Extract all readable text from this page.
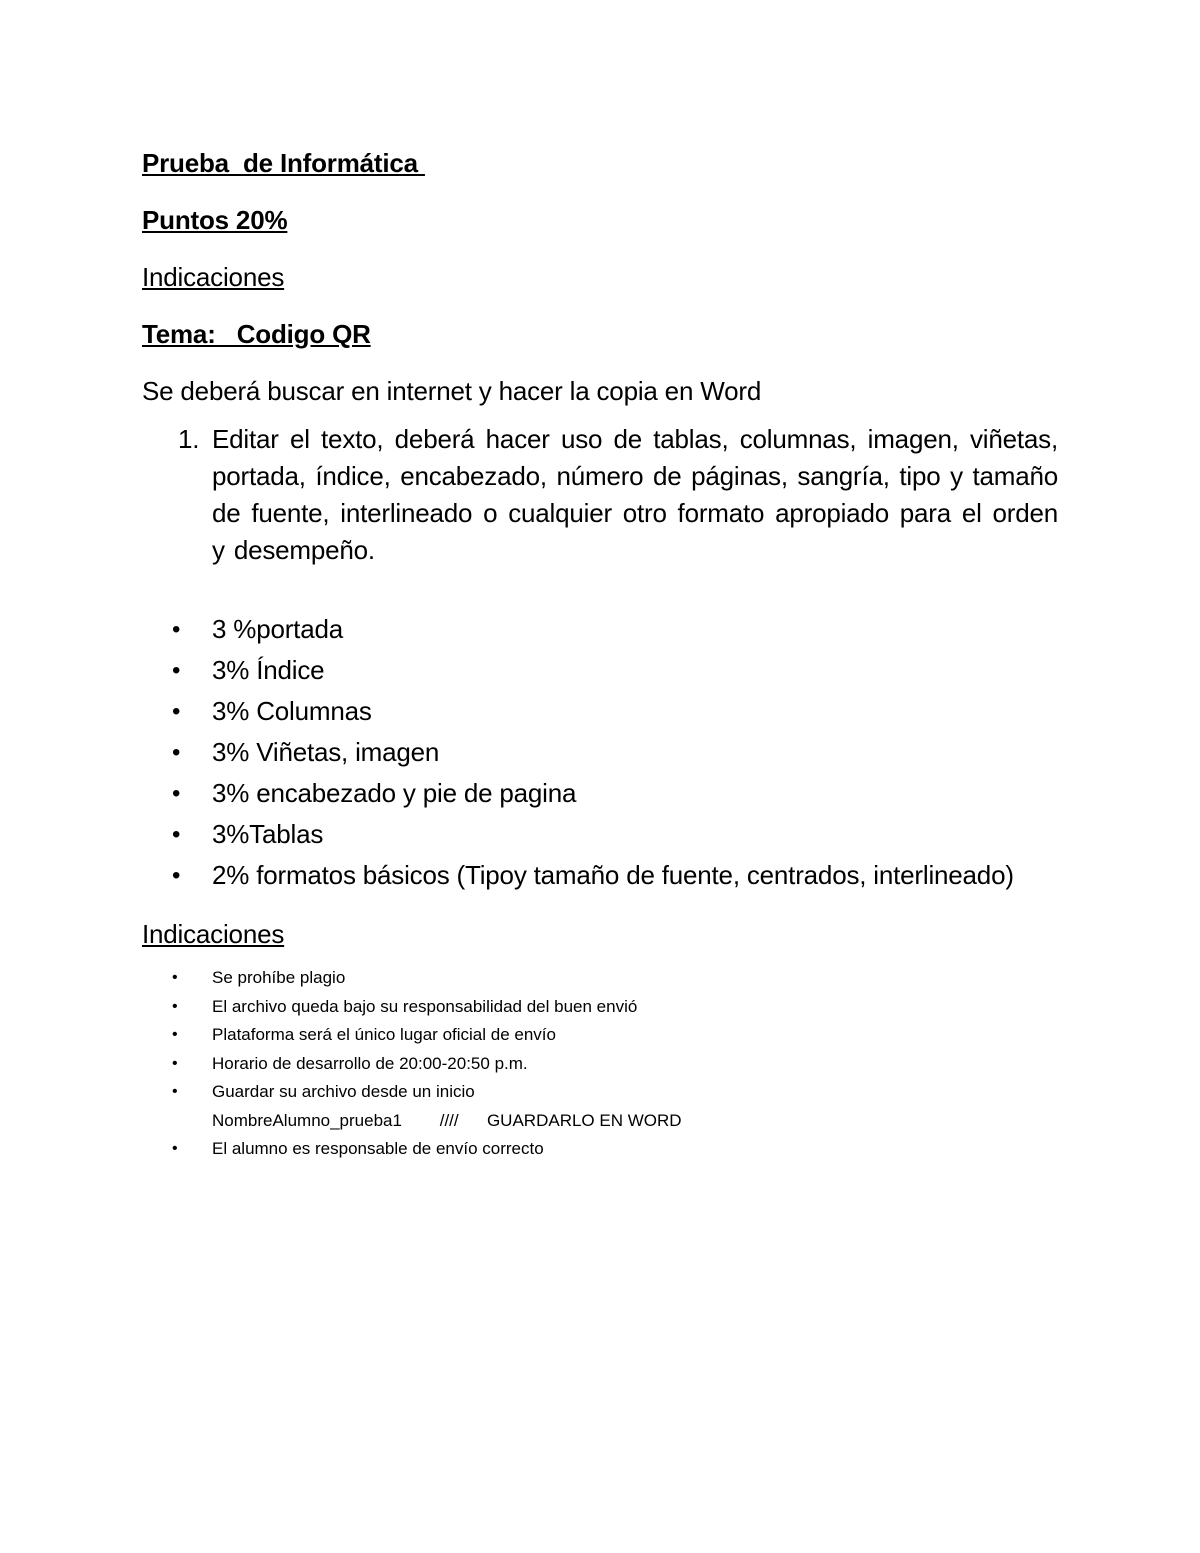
Prueba  de Informática
Puntos 20%
Indicaciones
Tema:   Codigo QR
Se deberá buscar en internet y hacer la copia en Word
1. Editar el texto, deberá hacer uso de tablas, columnas, imagen, viñetas, portada, índice, encabezado, número de páginas, sangría, tipo y tamaño de fuente, interlineado o cualquier otro formato apropiado para el orden y desempeño.
•	3 %portada
•	3% Índice
•	3% Columnas
•	3% Viñetas, imagen
•	3% encabezado y pie de pagina
•	3%Tablas
•	2% formatos básicos (Tipoy tamaño de fuente, centrados, interlineado)
Indicaciones
•	Se prohíbe plagio
•	El archivo queda bajo su responsabilidad del buen envió
•	Plataforma será el único lugar oficial de envío
•	Horario de desarrollo de 20:00-20:50 p.m.
•	Guardar su archivo desde un inicio
NombreAlumno_prueba1        ////      GUARDARLO EN WORD
•	El alumno es responsable de envío correcto
